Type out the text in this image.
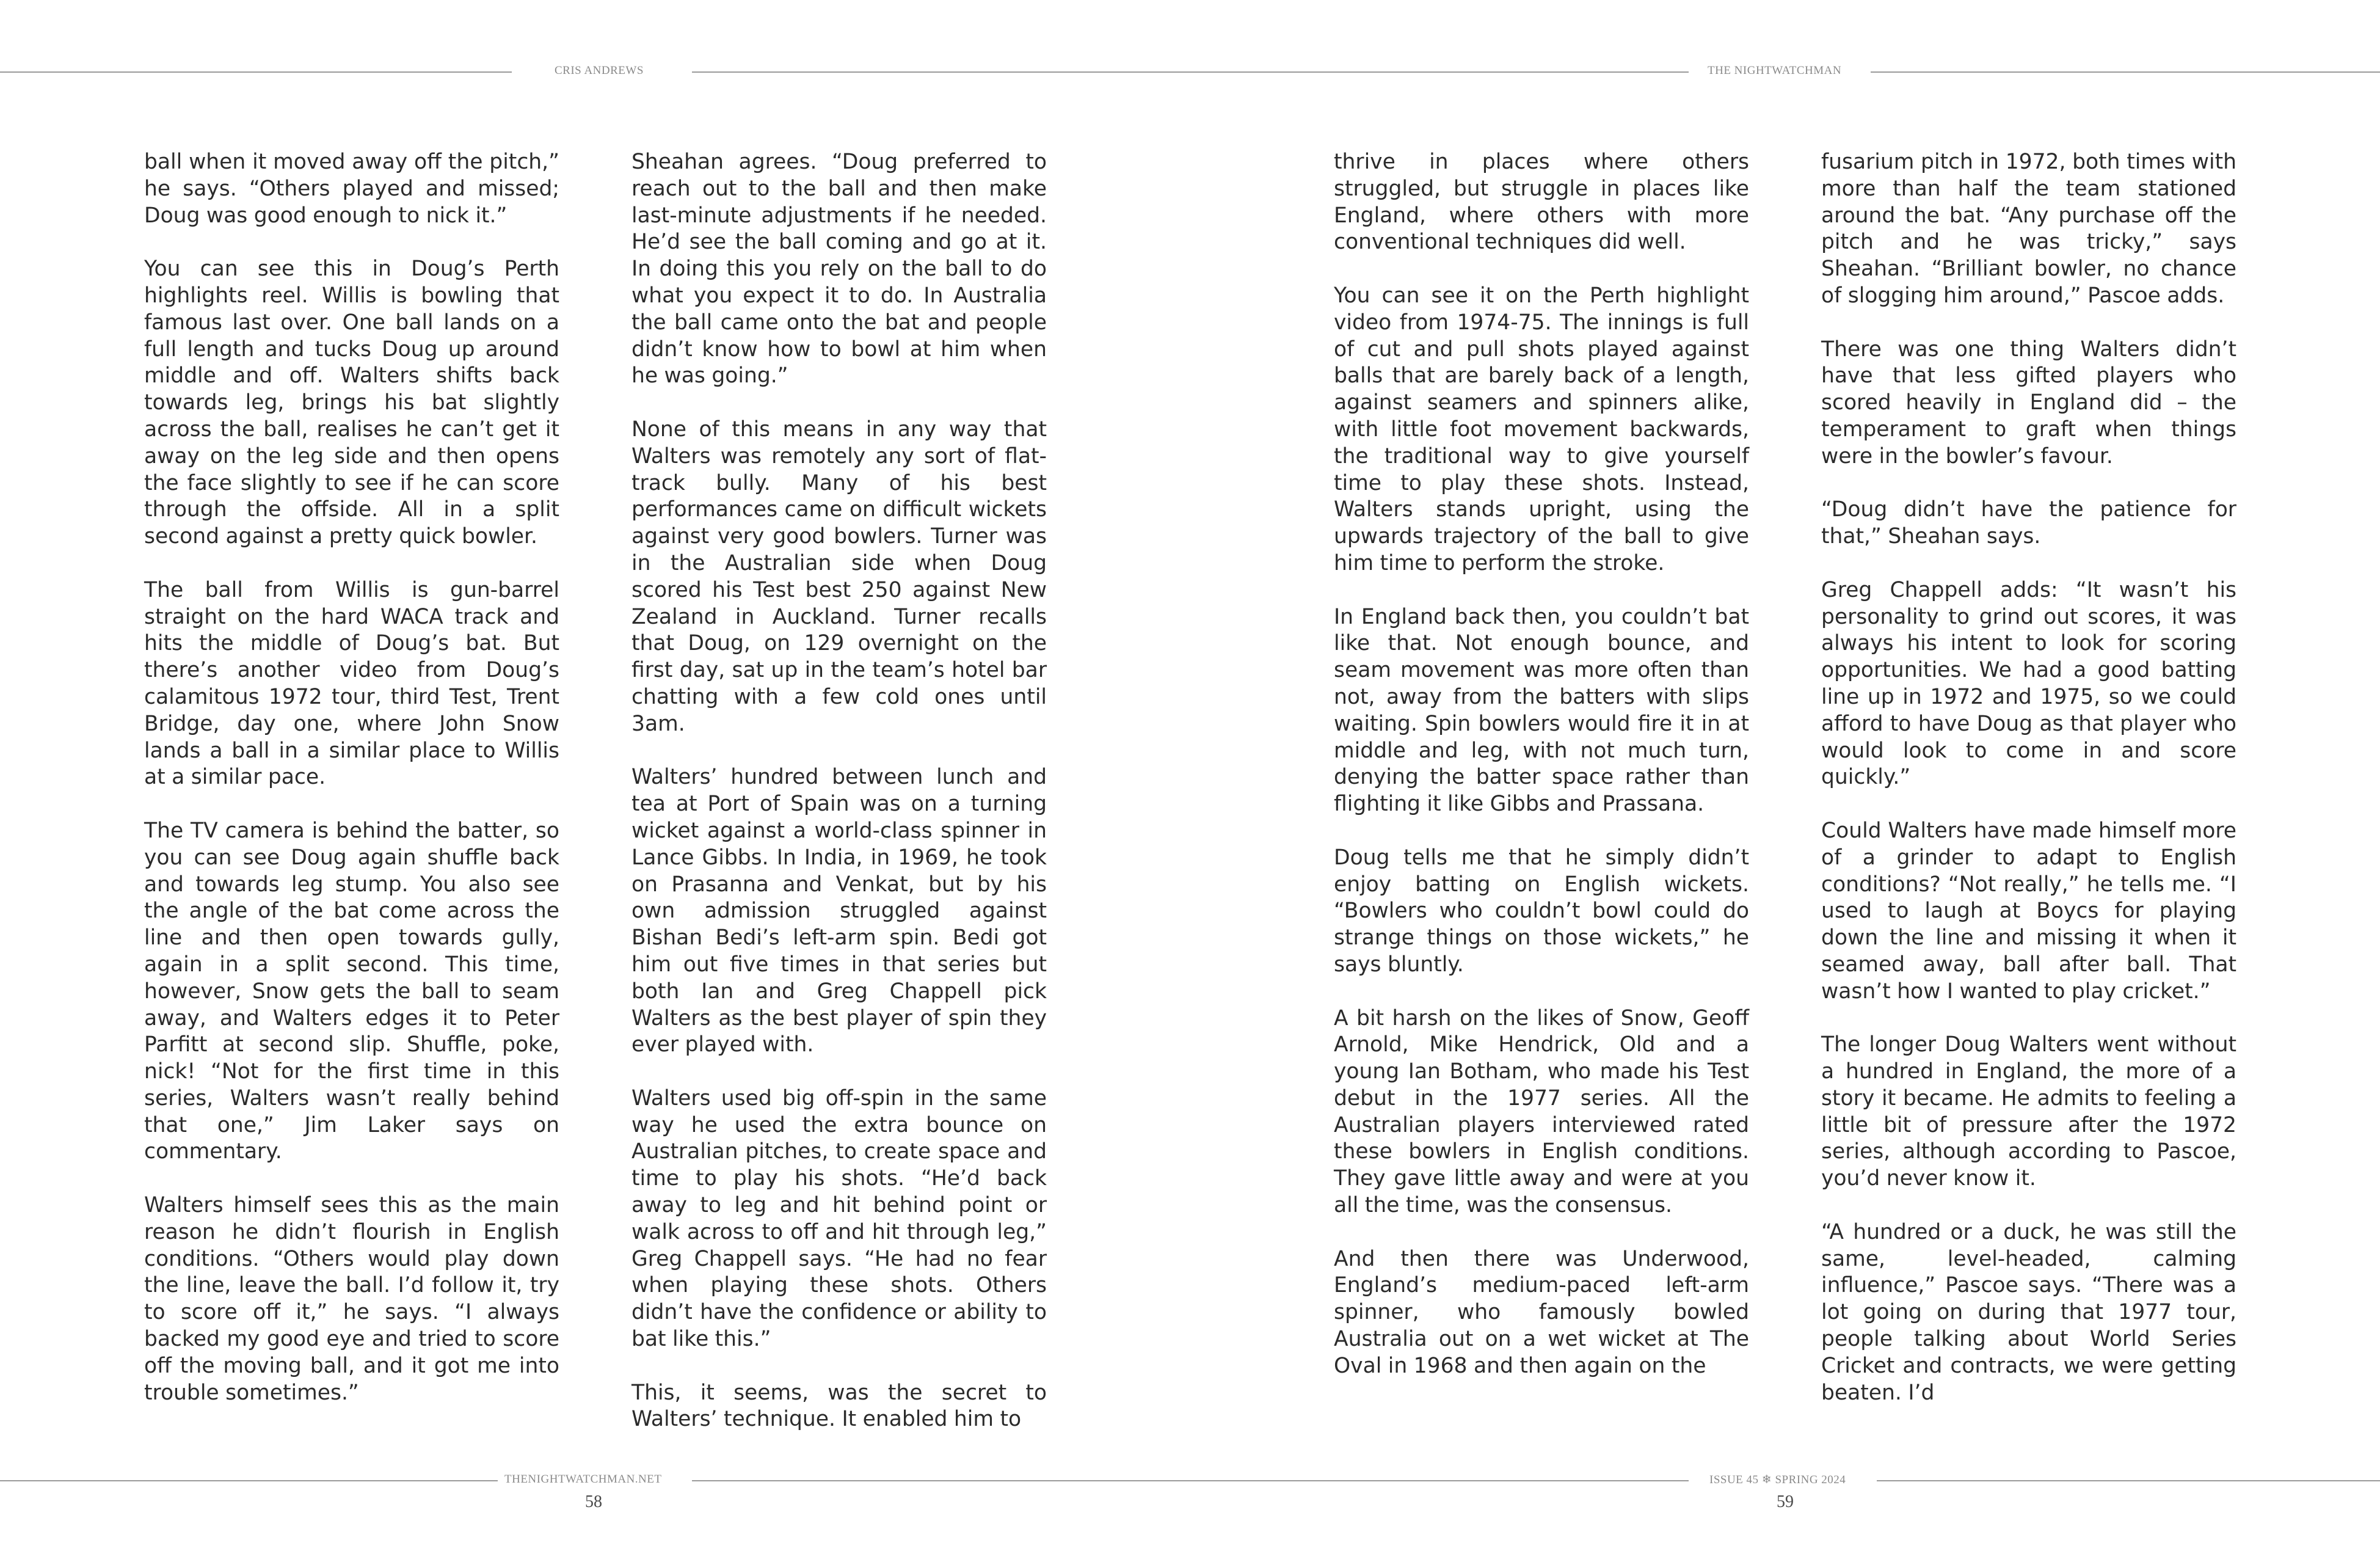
CRIS ANDREWS	THE NIGHTWATCHMAN

ball when it moved away off the pitch,” he says. “Others played and missed; Doug was good enough to nick it.”

You can see this in Doug’s Perth highlights reel. Willis is bowling that famous last over. One ball lands on a full length and tucks Doug up around middle and off. Walters shifts back towards leg, brings his bat slightly across the ball, realises he can’t get it away on the leg side and then opens the face slightly to see if he can score through the offside. All in a split second against a pretty quick bowler.

The ball from Willis is gun-barrel straight on the hard WACA track and hits the middle of Doug’s bat. But there’s another video from Doug’s calamitous 1972 tour, third Test, Trent Bridge, day one, where John Snow lands a ball in a similar place to Willis at a similar pace.

The TV camera is behind the batter, so you can see Doug again shuffle back and towards leg stump. You also see the angle of the bat come across the line and then open towards gully, again in a split second. This time, however, Snow gets the ball to seam away, and Walters edges it to Peter Parfitt at second slip. Shuffle, poke, nick! “Not for the first time in this series, Walters wasn’t really behind that one,” Jim Laker says on commentary.

Walters himself sees this as the main reason he didn’t flourish in English conditions. “Others would play down the line, leave the ball. I’d follow it, try to score off it,” he says. “I always backed my good eye and tried to score off the moving ball, and it got me into trouble sometimes.”

Sheahan agrees. “Doug preferred to reach out to the ball and then make last-minute adjustments if he needed. He’d see the ball coming and go at it. In doing this you rely on the ball to do what you expect it to do. In Australia the ball came onto the bat and people didn’t know how to bowl at him when he was going.”

None of this means in any way that Walters was remotely any sort of flat-track bully. Many of his best performances came on difficult wickets against very good bowlers. Turner was in the Australian side when Doug scored his Test best 250 against New Zealand in Auckland. Turner recalls that Doug, on 129 overnight on the first day, sat up in the team’s hotel bar chatting with a few cold ones until 3am.

Walters’ hundred between lunch and tea at Port of Spain was on a turning wicket against a world-class spinner in Lance Gibbs. In India, in 1969, he took on Prasanna and Venkat, but by his own admission struggled against Bishan Bedi’s left-arm spin. Bedi got him out five times in that series but both Ian and Greg Chappell pick Walters as the best player of spin they ever played with.

Walters used big off-spin in the same way he used the extra bounce on Australian pitches, to create space and time to play his shots. “He’d back away to leg and hit behind point or walk across to off and hit through leg,” Greg Chappell says. “He had no fear when playing these shots. Others didn’t have the confidence or ability to bat like this.”

This, it seems, was the secret to Walters’ technique. It enabled him to

thrive in places where others struggled, but struggle in places like England, where others with more conventional techniques did well.

You can see it on the Perth highlight video from 1974-75. The innings is full of cut and pull shots played against balls that are barely back of a length, against seamers and spinners alike, with little foot movement backwards, the traditional way to give yourself time to play these shots. Instead, Walters stands upright, using the upwards trajectory of the ball to give him time to perform the stroke.

In England back then, you couldn’t bat like that. Not enough bounce, and seam movement was more often than not, away from the batters with slips waiting. Spin bowlers would fire it in at middle and leg, with not much turn, denying the batter space rather than flighting it like Gibbs and Prassana.

Doug tells me that he simply didn’t enjoy batting on English wickets. “Bowlers who couldn’t bowl could do strange things on those wickets,” he says bluntly.

A bit harsh on the likes of Snow, Geoff Arnold, Mike Hendrick, Old and a young Ian Botham, who made his Test debut in the 1977 series. All the Australian players interviewed rated these bowlers in English conditions. They gave little away and were at you all the time, was the consensus.

And then there was Underwood, England’s medium-paced left-arm spinner, who famously bowled Australia out on a wet wicket at The Oval in 1968 and then again on the

fusarium pitch in 1972, both times with more than half the team stationed around the bat. “Any purchase off the pitch and he was tricky,” says Sheahan. “Brilliant bowler, no chance of slogging him around,” Pascoe adds.

There was one thing Walters didn’t have that less gifted players who scored heavily in England did – the temperament to graft when things were in the bowler’s favour.

“Doug didn’t have the patience for that,” Sheahan says.

Greg Chappell adds: “It wasn’t his personality to grind out scores, it was always his intent to look for scoring opportunities. We had a good batting line up in 1972 and 1975, so we could afford to have Doug as that player who would look to come in and score quickly.”

Could Walters have made himself more of a grinder to adapt to English conditions? “Not really,” he tells me. “I used to laugh at Boycs for playing down the line and missing it when it seamed away, ball after ball. That wasn’t how I wanted to play cricket.”

The longer Doug Walters went without a hundred in England, the more of a story it became. He admits to feeling a little bit of pressure after the 1972 series, although according to Pascoe, you’d never know it.

“A hundred or a duck, he was still the same, level-headed, calming influence,” Pascoe says. “There was a lot going on during that 1977 tour, people talking about World Series Cricket and contracts, we were getting beaten. I’d

THENIGHTWATCHMAN.NET	ISSUE 45 ❄ SPRING 2024
58	59
